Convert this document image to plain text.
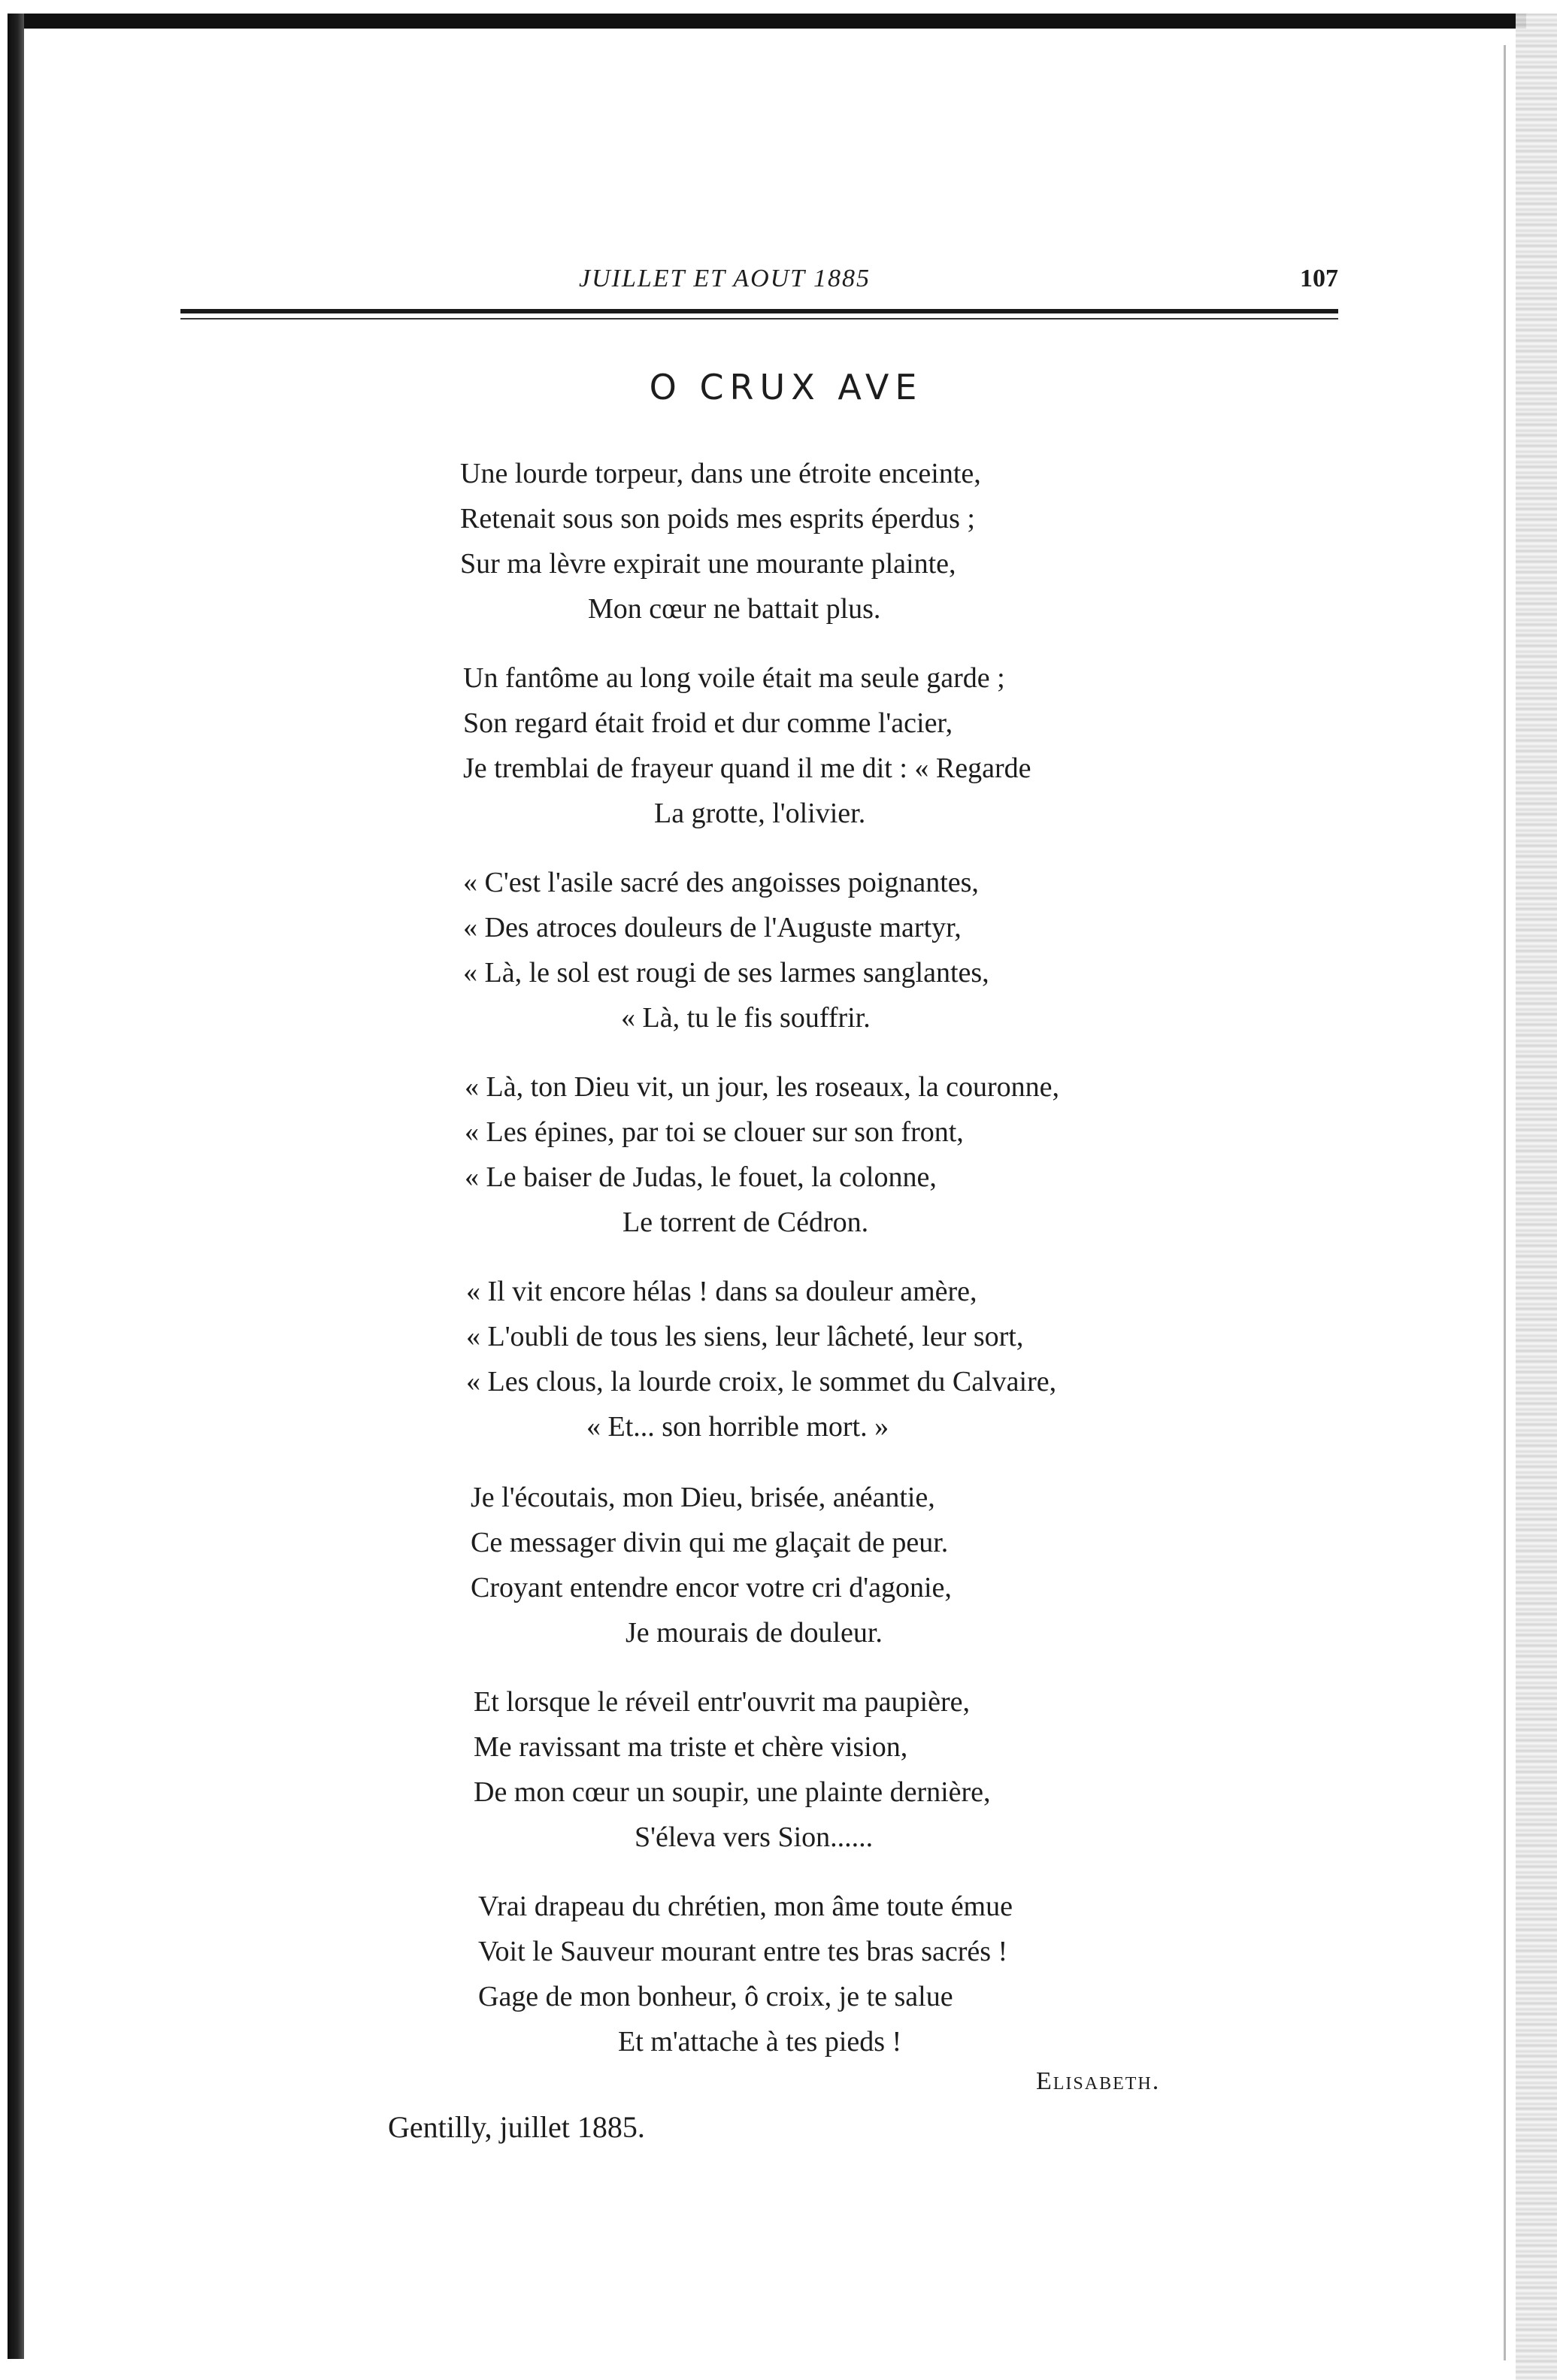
JUILLET ET AOUT 1885	107
O CRUX AVE
Une lourde torpeur, dans une étroite enceinte,
Retenait sous son poids mes esprits éperdus ;
Sur ma lèvre expirait une mourante plainte,
Mon cœur ne battait plus.
Un fantôme au long voile était ma seule garde ;
Son regard était froid et dur comme l'acier,
Je tremblai de frayeur quand il me dit : « Regarde
La grotte, l'olivier.
« C'est l'asile sacré des angoisses poignantes,
« Des atroces douleurs de l'Auguste martyr,
« Là, le sol est rougi de ses larmes sanglantes,
« Là, tu le fis souffrir.
« Là, ton Dieu vit, un jour, les roseaux, la couronne,
« Les épines, par toi se clouer sur son front,
« Le baiser de Judas, le fouet, la colonne,
Le torrent de Cédron.
« Il vit encore hélas ! dans sa douleur amère,
« L'oubli de tous les siens, leur lâcheté, leur sort,
« Les clous, la lourde croix, le sommet du Calvaire,
« Et... son horrible mort. »
Je l'écoutais, mon Dieu, brisée, anéantie,
Ce messager divin qui me glaçait de peur.
Croyant entendre encor votre cri d'agonie,
Je mourais de douleur.
Et lorsque le réveil entr'ouvrit ma paupière,
Me ravissant ma triste et chère vision,
De mon cœur un soupir, une plainte dernière,
S'éleva vers Sion......
Vrai drapeau du chrétien, mon âme toute émue
Voit le Sauveur mourant entre tes bras sacrés !
Gage de mon bonheur, ô croix, je te salue
Et m'attache à tes pieds !
Elisabeth.
Gentilly, juillet 1885.
